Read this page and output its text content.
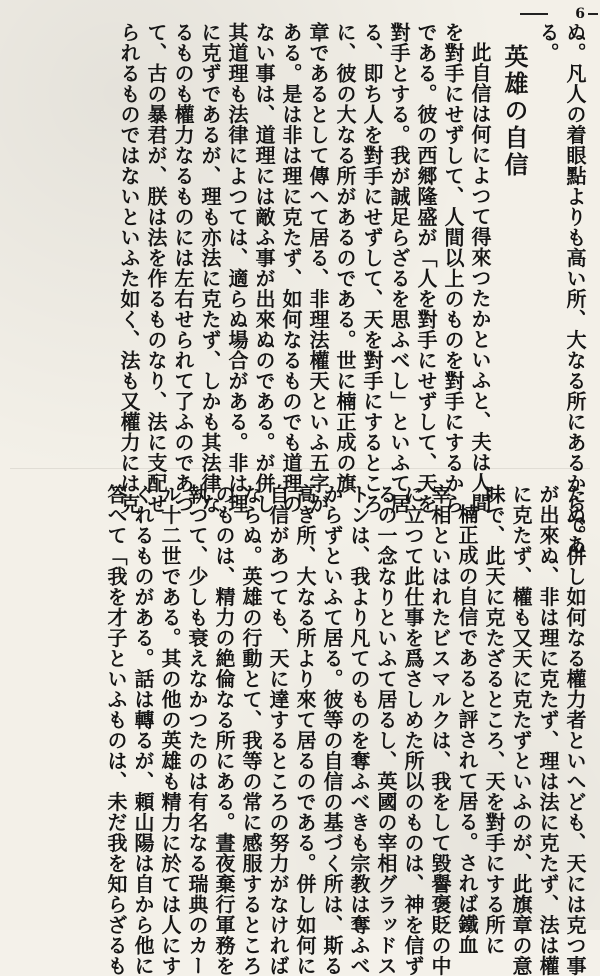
6
ぬ。凡人の着眼點よりも高い所、大なる所にあるからであ
る。
英雄の自信
此自信は何によつて得來つたかといふと、夫は人間
を對手にせずして、人間以上のものを對手にするから
である。彼の西郷隆盛が「人を對手にせずして、天を
對手とする。我が誠足らざるを思ふべし」といふて居
る、即ち人を對手にせずして、天を對手にするところ
に、彼の大なる所があるのである。世に楠正成の旗
章であるとして傳へて居る、非理法權天といふ五字が
ある。是は非は理に克たず、如何なるものでも道理の
ない事は、道理には敵ふ事が出來ぬのである。が併し
其道理も法律によつては、適らぬ場合がある。非は理
に克ずであるが、理も亦法に克たず、しかも其法律な
るものも權力なるものには左右せられて了ふのであつ
て、古の暴君が、朕は法を作るものなり、法に支配せ
られるものではないといふた如く、法も又權力には克
たぬ。併し如何なる權力者といへども、天には克つ事
が出來ぬ、非は理に克たず、理は法に克たず、法は權
に克たず、權も又天に克たずといふのが、此旗章の意
味で、此天に克たざるところ、天を對手にする所に
楠正成の自信であると評されて居る。されば鐵血
宰相といはれたビスマルクは、我をして毀譽褒貶の中
に立つて此仕事を爲さしめた所以のものは、神を信ず
るの一念なりといふて居るし、英國の宰相グラッドス
トンは、我より凡てのものを奪ふべきも宗教は奪ふべ
からずといふて居る。彼等の自信の基づく所は、斯る
高き所、大なる所より來て居るのである。併し如何に
自信があつても、天に達するところの努力がなければ
ならぬ。英雄の行動とて、我等の常に感服するところ
のものは、精力の絶倫なる所にある。晝夜棄行軍務を
執つて、少しも衰えなかつたのは有名なる瑞典のカー
ル十二世である。其の他の英雄も精力に於ては人にす
ぐれるものがある。話は轉るが、頼山陽は自から他に
答へて「我を才子といふものは、未だ我を知らざるも
